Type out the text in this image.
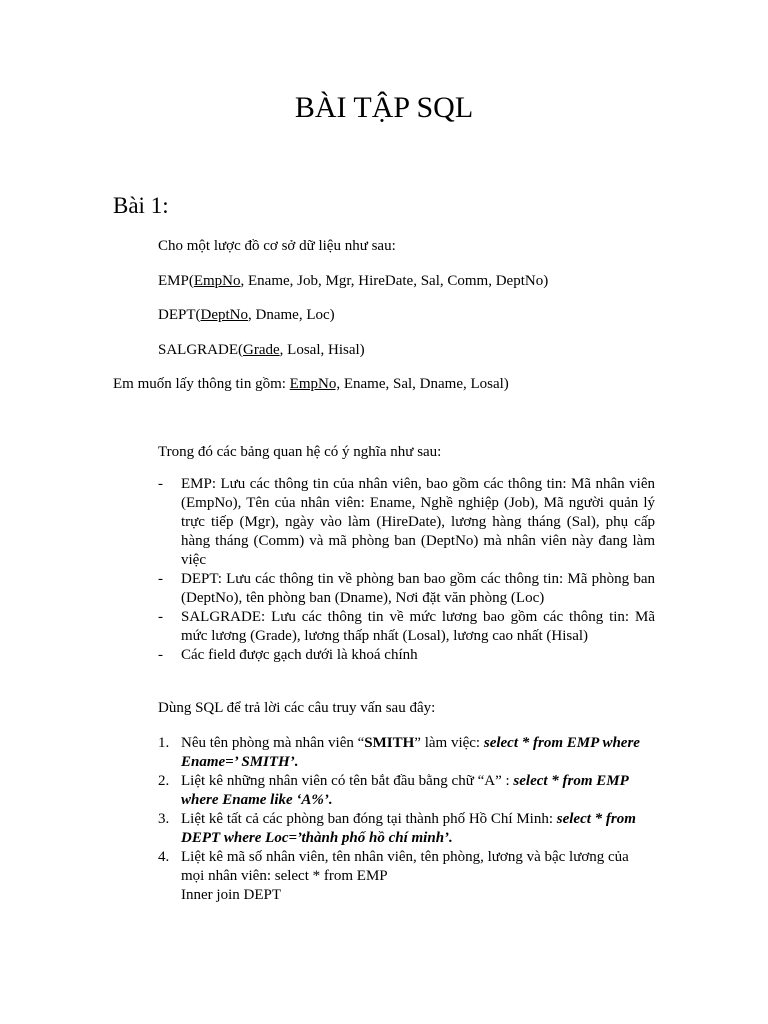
BÀI TẬP SQL
Bài 1:
Cho một lược đồ cơ sở dữ liệu như sau:
EMP(EmpNo, Ename, Job, Mgr, HireDate, Sal, Comm, DeptNo)
DEPT(DeptNo, Dname, Loc)
SALGRADE(Grade, Losal, Hisal)
Em muốn lấy thông tin gồm: EmpNo, Ename, Sal, Dname, Losal)
Trong đó các bảng quan hệ có ý nghĩa như sau:
- EMP: Lưu các thông tin của nhân viên, bao gồm các thông tin: Mã nhân viên (EmpNo), Tên của nhân viên: Ename, Nghề nghiệp (Job), Mã người quản lý trực tiếp (Mgr), ngày vào làm (HireDate), lương hàng tháng (Sal), phụ cấp hàng tháng (Comm) và mã phòng ban (DeptNo) mà nhân viên này đang làm việc
- DEPT: Lưu các thông tin về phòng ban bao gồm các thông tin: Mã phòng ban (DeptNo), tên phòng ban (Dname), Nơi đặt văn phòng (Loc)
- SALGRADE: Lưu các thông tin về mức lương bao gồm các thông tin: Mã mức lương (Grade), lương thấp nhất (Losal), lương cao nhất (Hisal)
- Các field được gạch dưới là khoá chính
Dùng SQL để trả lời các câu truy vấn sau đây:
1. Nêu tên phòng mà nhân viên “SMITH” làm việc: select * from EMP where Ename=’ SMITH’.
2. Liệt kê những nhân viên có tên bắt đầu bằng chữ “A” : select * from EMP where Ename like ‘A%’.
3. Liệt kê tất cả các phòng ban đóng tại thành phố Hồ Chí Minh: select * from DEPT where Loc=’thành phố hồ chí minh’.
4. Liệt kê mã số nhân viên, tên nhân viên, tên phòng, lương và bậc lương của mọi nhân viên: select * from EMP
Inner join DEPT
